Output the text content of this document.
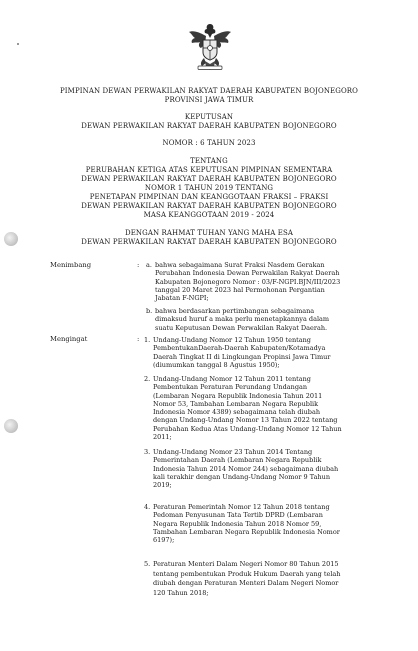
PIMPINAN DEWAN PERWAKILAN RAKYAT DAERAH KABUPATEN BOJONEGORO
PROVINSI JAWA TIMUR
KEPUTUSAN
DEWAN PERWAKILAN RAKYAT DAERAH KABUPATEN BOJONEGORO
NOMOR : 6 TAHUN 2023
TENTANG
PERUBAHAN KETIGA ATAS KEPUTUSAN PIMPINAN SEMENTARA
DEWAN PERWAKILAN RAKYAT DAERAH KABUPATEN BOJONEGORO
NOMOR 1 TAHUN 2019 TENTANG
PENETAPAN PIMPINAN DAN KEANGGOTAAN FRAKSI – FRAKSI
DEWAN PERWAKILAN RAKYAT DAERAH KABUPATEN BOJONEGORO
MASA KEANGGOTAAN 2019 - 2024
DENGAN RAHMAT TUHAN YANG MAHA ESA
DEWAN PERWAKILAN RAKYAT DAERAH KABUPATEN BOJONEGORO
Menimbang	: a. bahwa sebagaimana Surat Fraksi Nasdem Gerakan
Perubahan Indonesia Dewan Perwakilan Rakyat Daerah
Kabupaten Bojonegoro Nomor : 03/F-NGPI.BJN/III/2023
tanggal 20 Maret 2023 hal Permohonan Pergantian
Jabatan F-NGPI;
b. bahwa berdasarkan pertimbangan sebagaimana
dimaksud huruf a maka perlu menetapkannya dalam
suatu Keputusan Dewan Perwakilan Rakyat Daerah.
Mengingat	: 1. Undang-Undang Nomor 12 Tahun 1950 tentang
PembentukanDaerah-Daerah Kabupaten/Kotamadya
Daerah Tingkat II di Lingkungan Propinsi Jawa Timur
(diumumkan tanggal 8 Agustus 1950);
2. Undang-Undang Nomor 12 Tahun 2011 tentang
Pembentukan Peraturan Perundang Undangan
(Lembaran Negara Republik Indonesia Tahun 2011
Nomor 53, Tambahan Lembaran Negara Republik
Indonesia Nomor 4389) sebagaimana telah diubah
dengan Undang-Undang Nomor 13 Tahun 2022 tentang
Perubahan Kedua Atas Undang-Undang Nomor 12 Tahun
2011;
3. Undang-Undang Nomor 23 Tahun 2014 Tentang
Pemerintahan Daerah (Lembaran Negara Republik
Indonesia Tahun 2014 Nomor 244) sebagaimana diubah
kali terakhir dengan Undang-Undang Nomor 9 Tahun
2019;
4. Peraturan Pemerintah Nomor 12 Tahun 2018 tentang
Pedoman Penyusunan Tata Tertib DPRD (Lembaran
Negara Republik Indonesia Tahun 2018 Nomor 59,
Tambahan Lembaran Negara Republik Indonesia Nomor
6197);
5. Peraturan Menteri Dalam Negeri Nomor 80 Tahun 2015
tentang pembentukan Produk Hukum Daerah yang telah
diubah dengan Peraturan Menteri Dalam Negeri Nomor
120 Tahun 2018;
